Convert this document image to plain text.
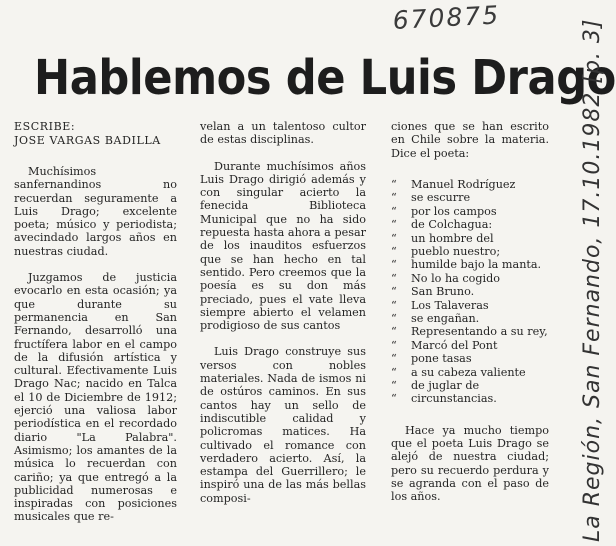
670875
Hablemos de Luis Drago
ESCRIBE:
JOSE VARGAS BADILLA

Muchísimos sanfernandinos no recuerdan seguramente a Luis Drago; excelente poeta; músico y periodista; avecindado largos años en nuestras ciudad.

Juzgamos de justicia evocarlo en esta ocasión; ya que durante su permanencia en San Fernando, desarrolló una fructífera labor en el campo de la difusión artística y cultural. Efectivamente Luis Drago Nac; nacido en Talca el 10 de Diciembre de 1912; ejerció una valiosa labor periodística en el recordado diario "La Palabra". Asimismo; los amantes de la música lo recuerdan con cariño; ya que entregó a la publicidad numerosas e inspiradas con posiciones musicales que re-

velan a un talentoso cultor de estas disciplinas.

Durante muchísimos años Luis Drago dirigió además y con singular acierto la fenecida Biblioteca Municipal que no ha sido repuesta hasta ahora a pesar de los inauditos esfuerzos que se han hecho en tal sentido. Pero creemos que la poesía es su don más preciado, pues el vate lleva siempre abierto el velamen prodigioso de sus cantos

Luis Drago construye sus versos con nobles materiales. Nada de ismos ni de ostúros caminos. En sus cantos hay un sello de indiscutible calidad y policromas matices. Ha cultivado el romance con verdadero acierto. Así, la estampa del Guerrillero; le inspiró una de las más bellas composi-

ciones que se han escrito en Chile sobre la materia. Dice el poeta:

“ Manuel Rodríguez
“ se escurre
“ por los campos
“ de Colchagua:
“ un hombre del
“ pueblo nuestro;
“ humilde bajo la manta.
“ No lo ha cogido
“ San Bruno.
“ Los Talaveras
“ se engañan.
“ Representando a su rey,
“ Marcó del Pont
“ pone tasas
“ a su cabeza valiente
“ de juglar de
“ circunstancias.

Hace ya mucho tiempo que el poeta Luis Drago se alejó de nuestra ciudad; pero su recuerdo perdura y se agranda con el paso de los años.	La Región, San Fernando, 17.10.1982 [p. 3]
